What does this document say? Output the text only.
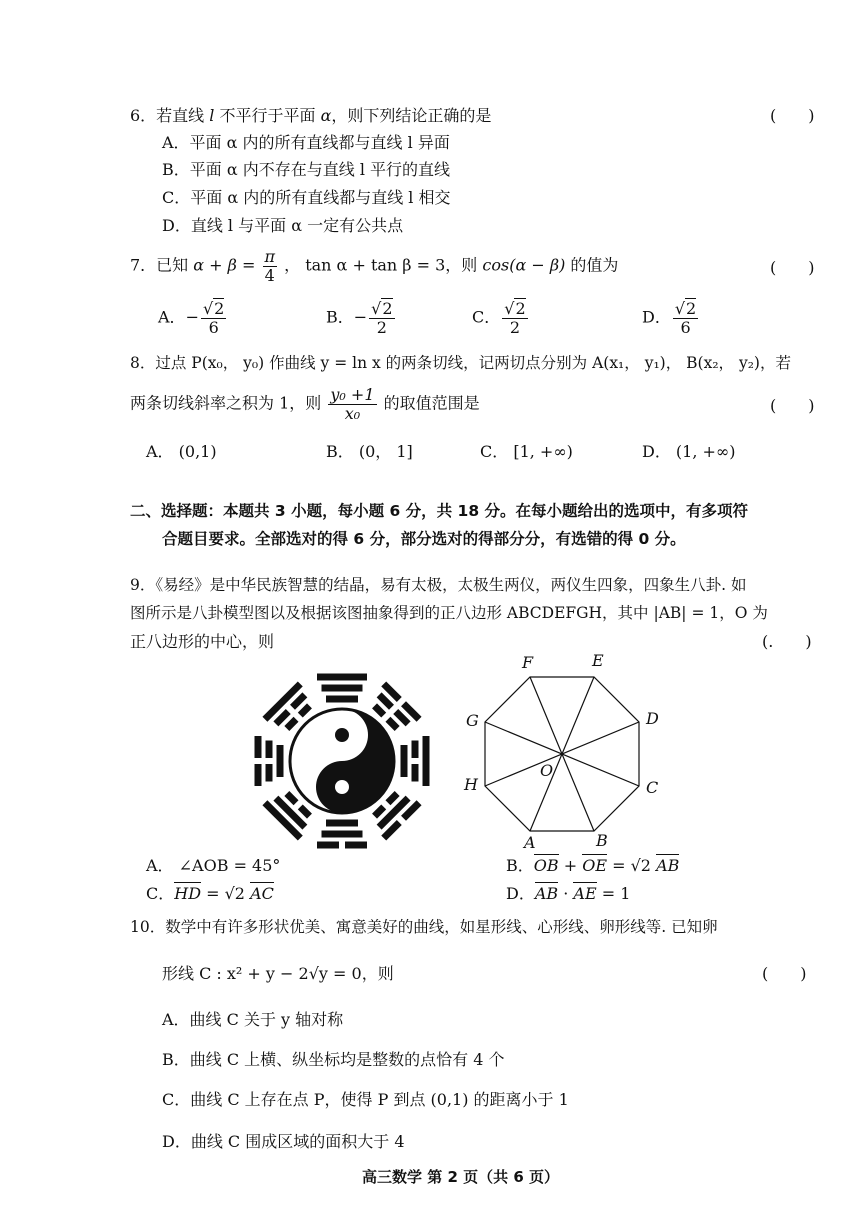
6．若直线 l 不平行于平面 α，则下列结论正确的是	(　　)
A．平面 α 内的所有直线都与直线 l 异面
B．平面 α 内不存在与直线 l 平行的直线
C．平面 α 内的所有直线都与直线 l 相交
D．直线 l 与平面 α 一定有公共点
7．已知 $\alpha + \beta = \frac{\pi}{4}$ ， tan α + tan β = 3，则 cos(α − β) 的值为	(　　)
A．− $\frac{√2}{6}$	B．− $\frac{√2}{2}$	C． $\frac{√2}{2}$	D． $\frac{√2}{6}$
8．过点 P(x₀， y₀) 作曲线 y = ln x 的两条切线，记两切点分别为 A(x₁， y₁)， B(x₂， y₂)，若
两条切线斜率之积为 1，则 $\frac{\text{y₀ +1}}{\text{x₀}}$ 的取值范围是	(　　)
A． (0,1)	B． (0， 1]	C． [1, +∞)	D． (1, +∞)
二、选择题：本题共 3 小题，每小题 6 分，共 18 分。在每小题给出的选项中，有多项符
合题目要求。全部选对的得 6 分，部分选对的得部分分，有选错的得 0 分。
9．《易经》是中华民族智慧的结晶，易有太极，太极生两仪，两仪生四象，四象生八卦. 如
图所示是八卦模型图以及根据该图抽象得到的正八边形 ABCDEFGH，其中 |AB| = 1，O 为
正八边形的中心，则	(.　　)
A	B
C
D
E
F
G
H
O
A． ∠AOB = 45°	B．OB + OE = √2 AB
C．HD = √2 AC	D．AB · AE = 1
10．数学中有许多形状优美、寓意美好的曲线，如星形线、心形线、卵形线等. 已知卵
形线 C : x² + y − 2√y = 0，则	(　　)
A．曲线 C 关于 y 轴对称
B．曲线 C 上横、纵坐标均是整数的点恰有 4 个
C．曲线 C 上存在点 P，使得 P 到点 (0,1) 的距离小于 1
D．曲线 C 围成区域的面积大于 4
高三数学 第 2 页（共 6 页）
